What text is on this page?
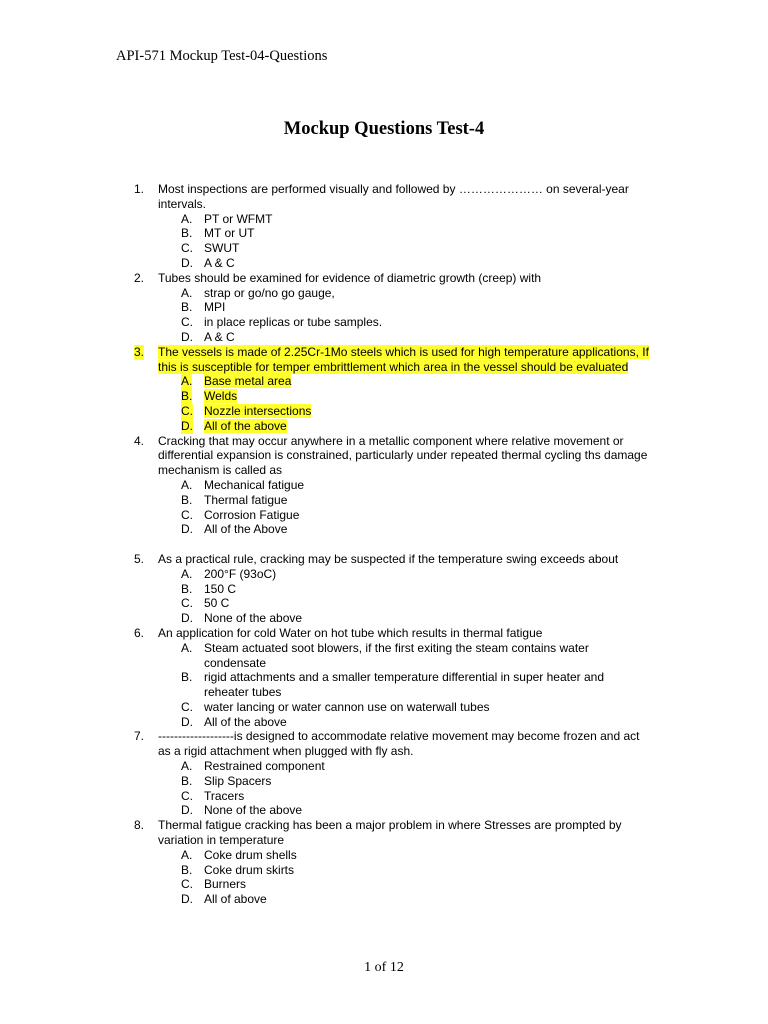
API-571 Mockup Test-04-Questions
Mockup Questions Test-4
1. Most inspections are performed visually and followed by ………………… on several-year intervals.
A. PT or WFMT
B. MT or UT
C. SWUT
D. A & C
2. Tubes should be examined for evidence of diametric growth (creep) with
A. strap or go/no go gauge,
B. MPI
C. in place replicas or tube samples.
D. A & C
3. The vessels is made of 2.25Cr-1Mo steels which is used for high temperature applications, If this is susceptible for temper embrittlement which area in the vessel should be evaluated
A. Base metal area
B. Welds
C. Nozzle intersections
D. All of the above
4. Cracking that may occur anywhere in a metallic component where relative movement or differential expansion is constrained, particularly under repeated thermal cycling ths damage mechanism is called as
A. Mechanical fatigue
B. Thermal fatigue
C. Corrosion Fatigue
D. All of the Above
5. As a practical rule, cracking may be suspected if the temperature swing exceeds about
A. 200°F (93oC)
B. 150 C
C. 50 C
D. None of the above
6. An application for cold Water on hot tube which results in thermal fatigue
A. Steam actuated soot blowers, if the first exiting the steam contains water condensate
B. rigid attachments and a smaller temperature differential in super heater and reheater tubes
C. water lancing or water cannon use on waterwall tubes
D. All of the above
7. -------------------is designed to accommodate relative movement may become frozen and act as a rigid attachment when plugged with fly ash.
A. Restrained component
B. Slip Spacers
C. Tracers
D. None of the above
8. Thermal fatigue cracking has been a major problem in where Stresses are prompted by variation in temperature
A. Coke drum shells
B. Coke drum skirts
C. Burners
D. All of above
1 of 12
